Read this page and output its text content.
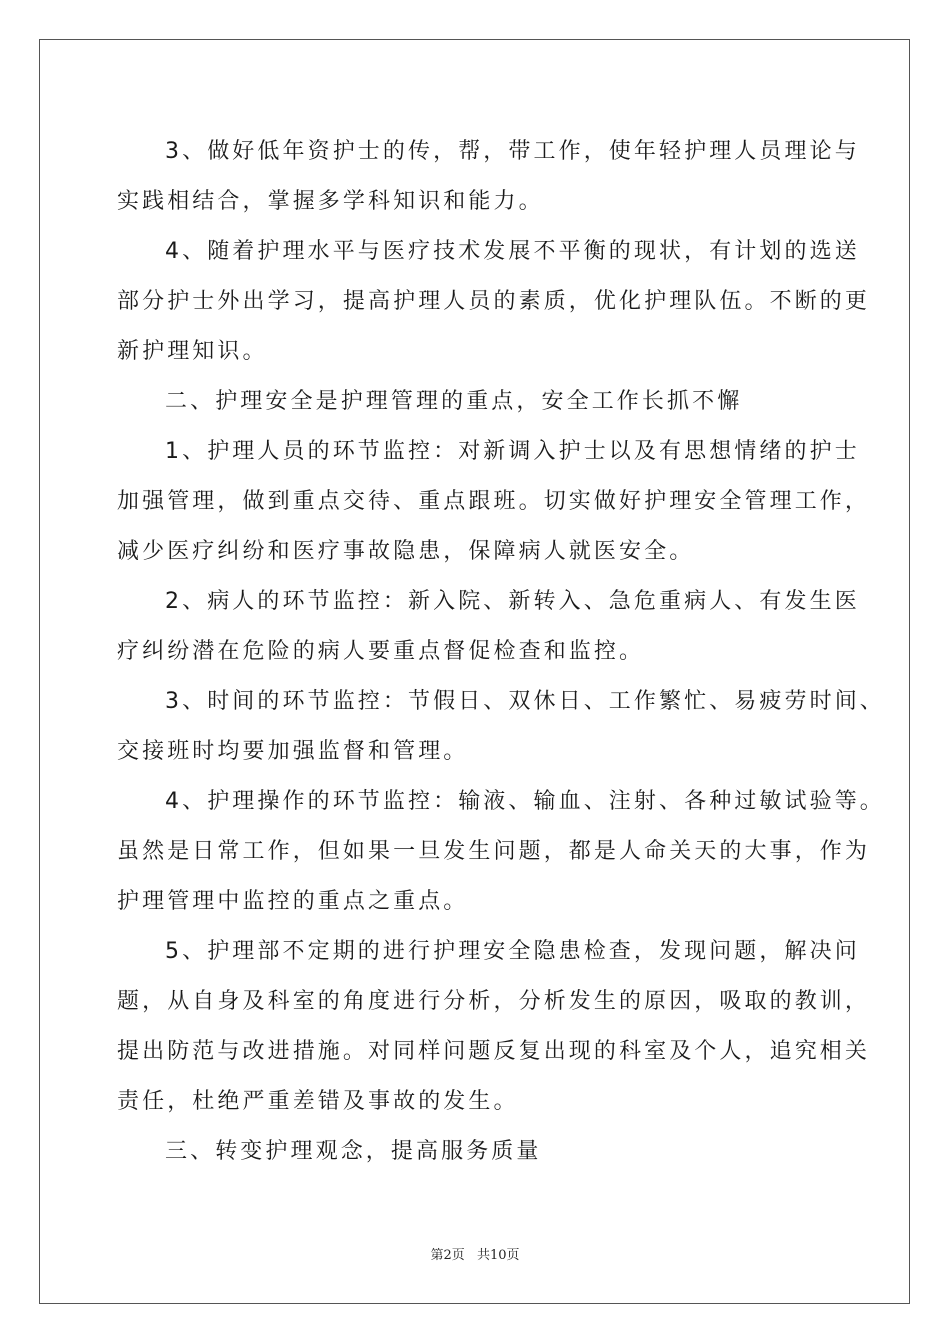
3、做好低年资护士的传，帮，带工作，使年轻护理人员理论与
实践相结合，掌握多学科知识和能力。
4、随着护理水平与医疗技术发展不平衡的现状，有计划的选送
部分护士外出学习，提高护理人员的素质，优化护理队伍。不断的更
新护理知识。
二、护理安全是护理管理的重点，安全工作长抓不懈
1、护理人员的环节监控：对新调入护士以及有思想情绪的护士
加强管理，做到重点交待、重点跟班。切实做好护理安全管理工作，
减少医疗纠纷和医疗事故隐患，保障病人就医安全。
2、病人的环节监控：新入院、新转入、急危重病人、有发生医
疗纠纷潜在危险的病人要重点督促检查和监控。
3、时间的环节监控：节假日、双休日、工作繁忙、易疲劳时间、
交接班时均要加强监督和管理。
4、护理操作的环节监控：输液、输血、注射、各种过敏试验等。
虽然是日常工作，但如果一旦发生问题，都是人命关天的大事，作为
护理管理中监控的重点之重点。
5、护理部不定期的进行护理安全隐患检查，发现问题，解决问
题，从自身及科室的角度进行分析，分析发生的原因，吸取的教训，
提出防范与改进措施。对同样问题反复出现的科室及个人，追究相关
责任，杜绝严重差错及事故的发生。
三、转变护理观念，提高服务质量
第2页 共10页
